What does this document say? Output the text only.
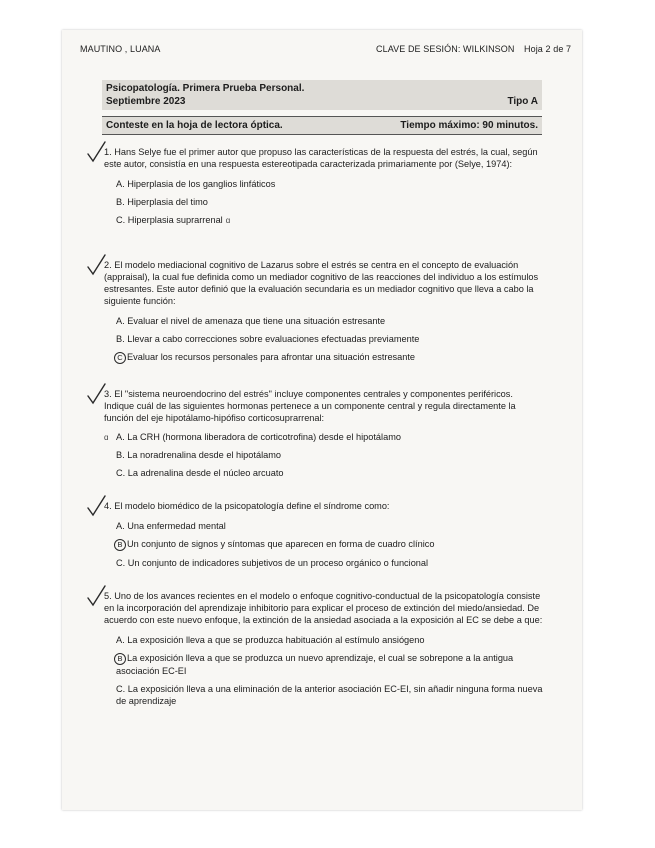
MAUTINO , LUANA	CLAVE DE SESIÓN: WILKINSON Hoja 2 de 7
Psicopatología. Primera Prueba Personal.
Septiembre 2023	Tipo A
Conteste en la hoja de lectora óptica.	Tiempo máximo: 90 minutos.

1. Hans Selye fue el primer autor que propuso las características de la respuesta del estrés, la cual, según este autor, consistía en una respuesta estereotipada caracterizada primariamente por (Selye, 1974):

A. Hiperplasia de los ganglios linfáticos
B. Hiperplasia del timo
C. Hiperplasia suprarrenal ɑ

2. El modelo mediacional cognitivo de Lazarus sobre el estrés se centra en el concepto de evaluación (appraisal), la cual fue definida como un mediador cognitivo de las reacciones del individuo a los estímulos estresantes. Este autor definió que la evaluación secundaria es un mediador cognitivo que lleva a cabo la siguiente función:

A. Evaluar el nivel de amenaza que tiene una situación estresante
B. Llevar a cabo correcciones sobre evaluaciones efectuadas previamente
C Evaluar los recursos personales para afrontar una situación estresante

3. El "sistema neuroendocrino del estrés" incluye componentes centrales y componentes periféricos. Indique cuál de las siguientes hormonas pertenece a un componente central y regula directamente la función del eje hipotálamo-hipófiso corticosuprarrenal:

ɑ A. La CRH (hormona liberadora de corticotrofina) desde el hipotálamo
B. La noradrenalina desde el hipotálamo
C. La adrenalina desde el núcleo arcuato

4. El modelo biomédico de la psicopatología define el síndrome como:

A. Una enfermedad mental
B Un conjunto de signos y síntomas que aparecen en forma de cuadro clínico
C. Un conjunto de indicadores subjetivos de un proceso orgánico o funcional

5. Uno de los avances recientes en el modelo o enfoque cognitivo-conductual de la psicopatología consiste en la incorporación del aprendizaje inhibitorio para explicar el proceso de extinción del miedo/ansiedad. De acuerdo con este nuevo enfoque, la extinción de la ansiedad asociada a la exposición al EC se debe a que:

A. La exposición lleva a que se produzca habituación al estímulo ansiógeno
B La exposición lleva a que se produzca un nuevo aprendizaje, el cual se sobrepone a la antigua asociación EC-EI
C. La exposición lleva a una eliminación de la anterior asociación EC-EI, sin añadir ninguna forma nueva de aprendizaje
